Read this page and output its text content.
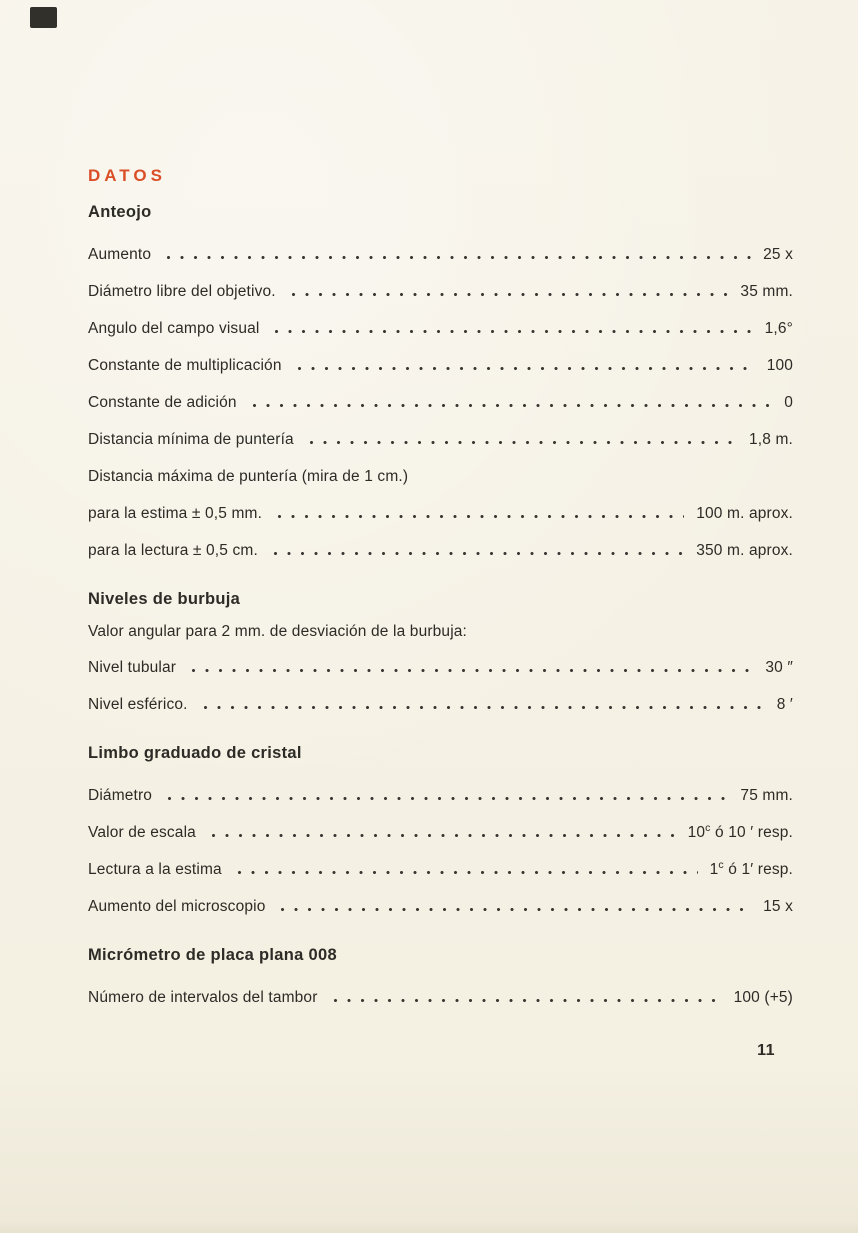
DATOS
Anteojo
Aumento	25 x
Diámetro libre del objetivo.	35 mm.
Angulo del campo visual	1,6°
Constante de multiplicación	100
Constante de adición	0
Distancia mínima de puntería	1,8 m.
Distancia máxima de puntería (mira de 1 cm.)
para la estima ± 0,5 mm.	100 m. aprox.
para la lectura ± 0,5 cm.	350 m. aprox.
Niveles de burbuja

Valor angular para 2 mm. de desviación de la burbuja:

Nivel tubular	30 ″
Nivel esférico.	8 ′
Limbo graduado de cristal
Diámetro	75 mm.
Valor de escala	10$^c$ ó 10 ′ resp.
Lectura a la estima	1$^c$ ó 1′ resp.
Aumento del microscopio	15 x
Micrómetro de placa plana 008
Número de intervalos del tambor	100 (+5)
11
